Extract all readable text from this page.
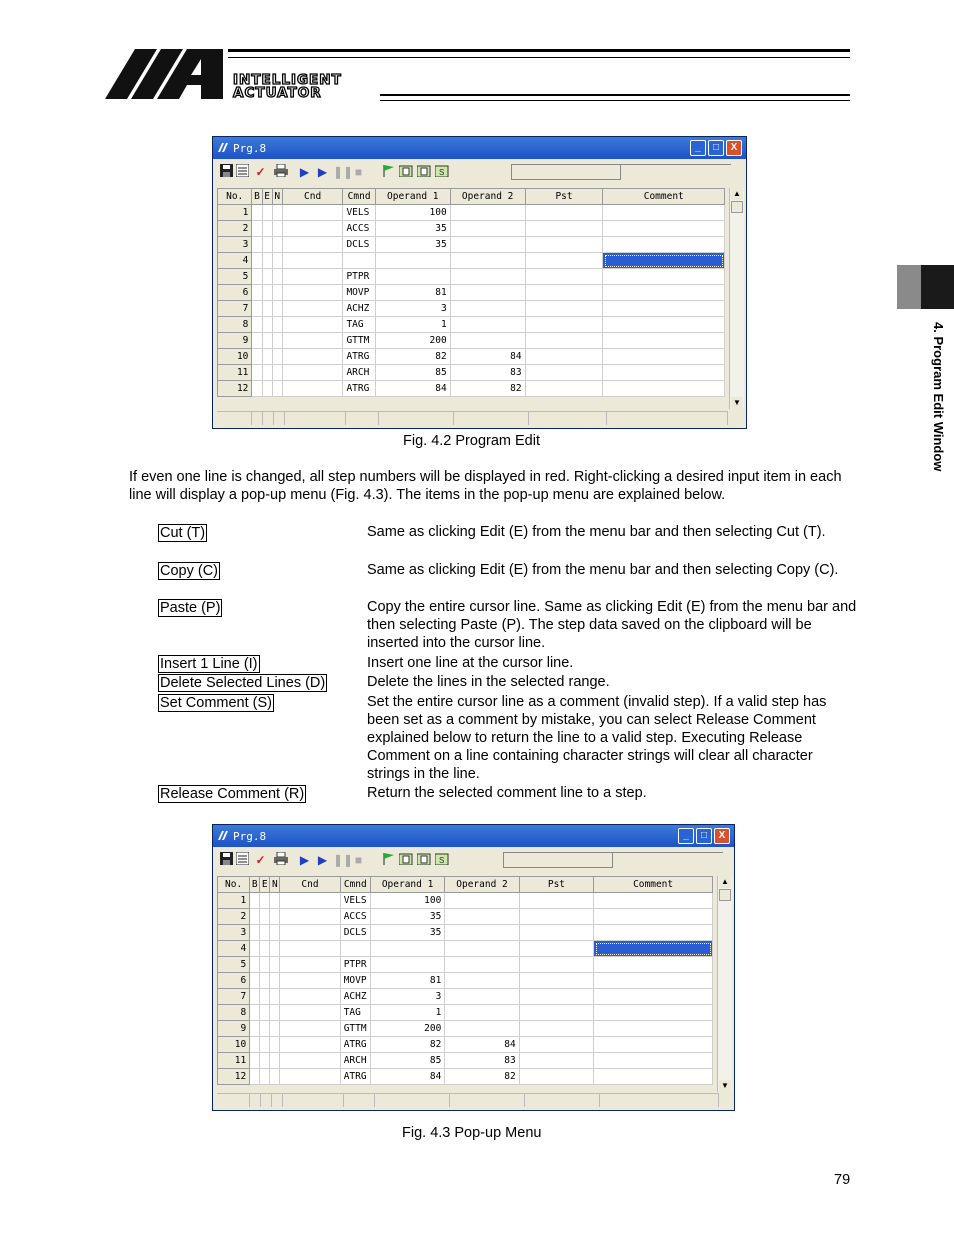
INTELLIGENT
ACTUATOR
4. Program Edit Window
Prg.8	_	□	X
✓	▶ ▶ ❚❚ ■	S
No.	B	E	N	Cnd	Cmnd	Operand 1	Operand 2	Pst	Comment
1					VELS	100			
2					ACCS	35			
3					DCLS	35			
4									
5					PTPR				
6					MOVP	81			
7					ACHZ	3			
8					TAG	1			
9					GTTM	200			
10					ATRG	82	84		
11					ARCH	85	83		
12					ATRG	84	82		
▲
▼
Fig. 4.2 Program Edit

If even one line is changed, all step numbers will be displayed in red. Right-clicking a desired input item in each line will display a pop-up menu (Fig. 4.3). The items in the pop-up menu are explained below.

Cut (T)	Same as clicking Edit (E) from the menu bar and then selecting Cut (T).
Copy (C)	Same as clicking Edit (E) from the menu bar and then selecting Copy (C).
Paste (P)	Copy the entire cursor line. Same as clicking Edit (E) from the menu bar and then selecting Paste (P). The step data saved on the clipboard will be inserted into the cursor line.
Insert 1 Line (I)	Insert one line at the cursor line.
Delete Selected Lines (D)	Delete the lines in the selected range.
Set Comment (S)	Set the entire cursor line as a comment (invalid step). If a valid step has been set as a comment by mistake, you can select Release Comment explained below to return the line to a valid step. Executing Release Comment on a line containing character strings will clear all character strings in the line.
Release Comment (R)	Return the selected comment line to a step.
Prg.8	_	□	X
✓	▶ ▶ ❚❚ ■	S
No.	B	E	N	Cnd	Cmnd	Operand 1	Operand 2	Pst	Comment
1					VELS	100			
2					ACCS	35			
3					DCLS	35			
4									
5					PTPR				
6					MOVP	81			
7					ACHZ	3			
8					TAG	1			
9					GTTM	200			
10					ATRG	82	84		
11					ARCH	85	83		
12					ATRG	84	82		
▲
▼
Fig. 4.3 Pop-up Menu
79
